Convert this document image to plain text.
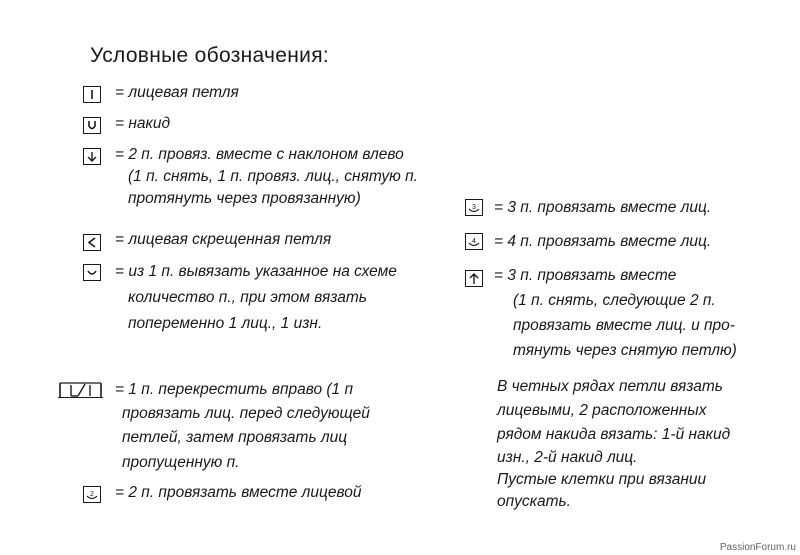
Условные обозначения:
= лицевая петля
= накид
= 2 п. провяз. вместе с наклоном влево
(1 п. снять, 1 п. провяз. лиц., снятую п.
протянуть через провязанную)
= лицевая скрещенная петля
= из 1 п. вывязать указанное на схеме
количество п., при этом вязать
попеременно 1 лиц., 1 изн.
= 1 п. перекрестить вправо (1 п
провязать лиц. перед следующей
петлей, затем провязать лиц
пропущенную п.
2 = 2 п. провязать вместе лицевой
3 = 3 п. провязать вместе лиц.
4 = 4 п. провязать вместе лиц.
= 3 п. провязать вместе
(1 п. снять, следующие 2 п.
провязать вместе лиц. и про-
тянуть через снятую петлю)
В четных рядах петли вязать
лицевыми, 2 расположенных
рядом накида вязать: 1-й накид
изн., 2-й накид лиц.
Пустые клетки при вязании
опускать.
PassionForum.ru
